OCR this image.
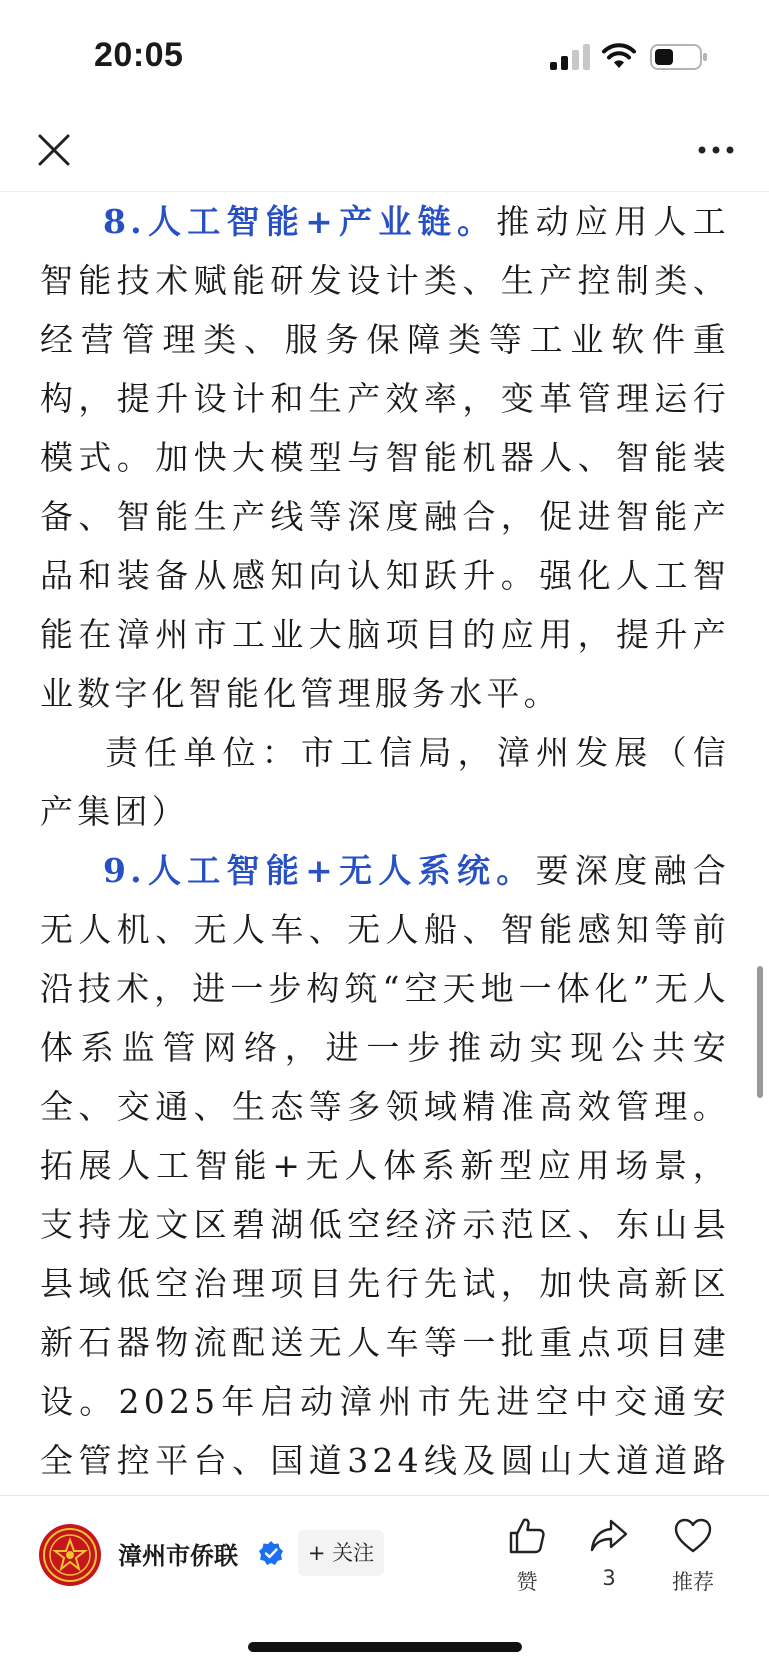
20:05

8.人工智能+产业链。推动应用人工智能技术赋能研发设计类、生产控制类、经营管理类、服务保障类等工业软件重构，提升设计和生产效率，变革管理运行模式。加快大模型与智能机器人、智能装备、智能生产线等深度融合，促进智能产品和装备从感知向认知跃升。强化人工智能在漳州市工业大脑项目的应用，提升产业数字化智能化管理服务水平。

责任单位：市工信局，漳州发展（信产集团）

9.人工智能+无人系统。要深度融合无人机、无人车、无人船、智能感知等前沿技术，进一步构筑“空天地一体化”无人体系监管网络，进一步推动实现公共安全、交通、生态等多领域精准高效管理。拓展人工智能+无人体系新型应用场景，支持龙文区碧湖低空经济示范区、东山县县域低空治理项目先行先试，加快高新区新石器物流配送无人车等一批重点项目建设。2025年启动漳州市先进空中交通安全管控平台、国道324线及圆山大道道路

漳州市侨联	+ 关注
赞	3	推荐
